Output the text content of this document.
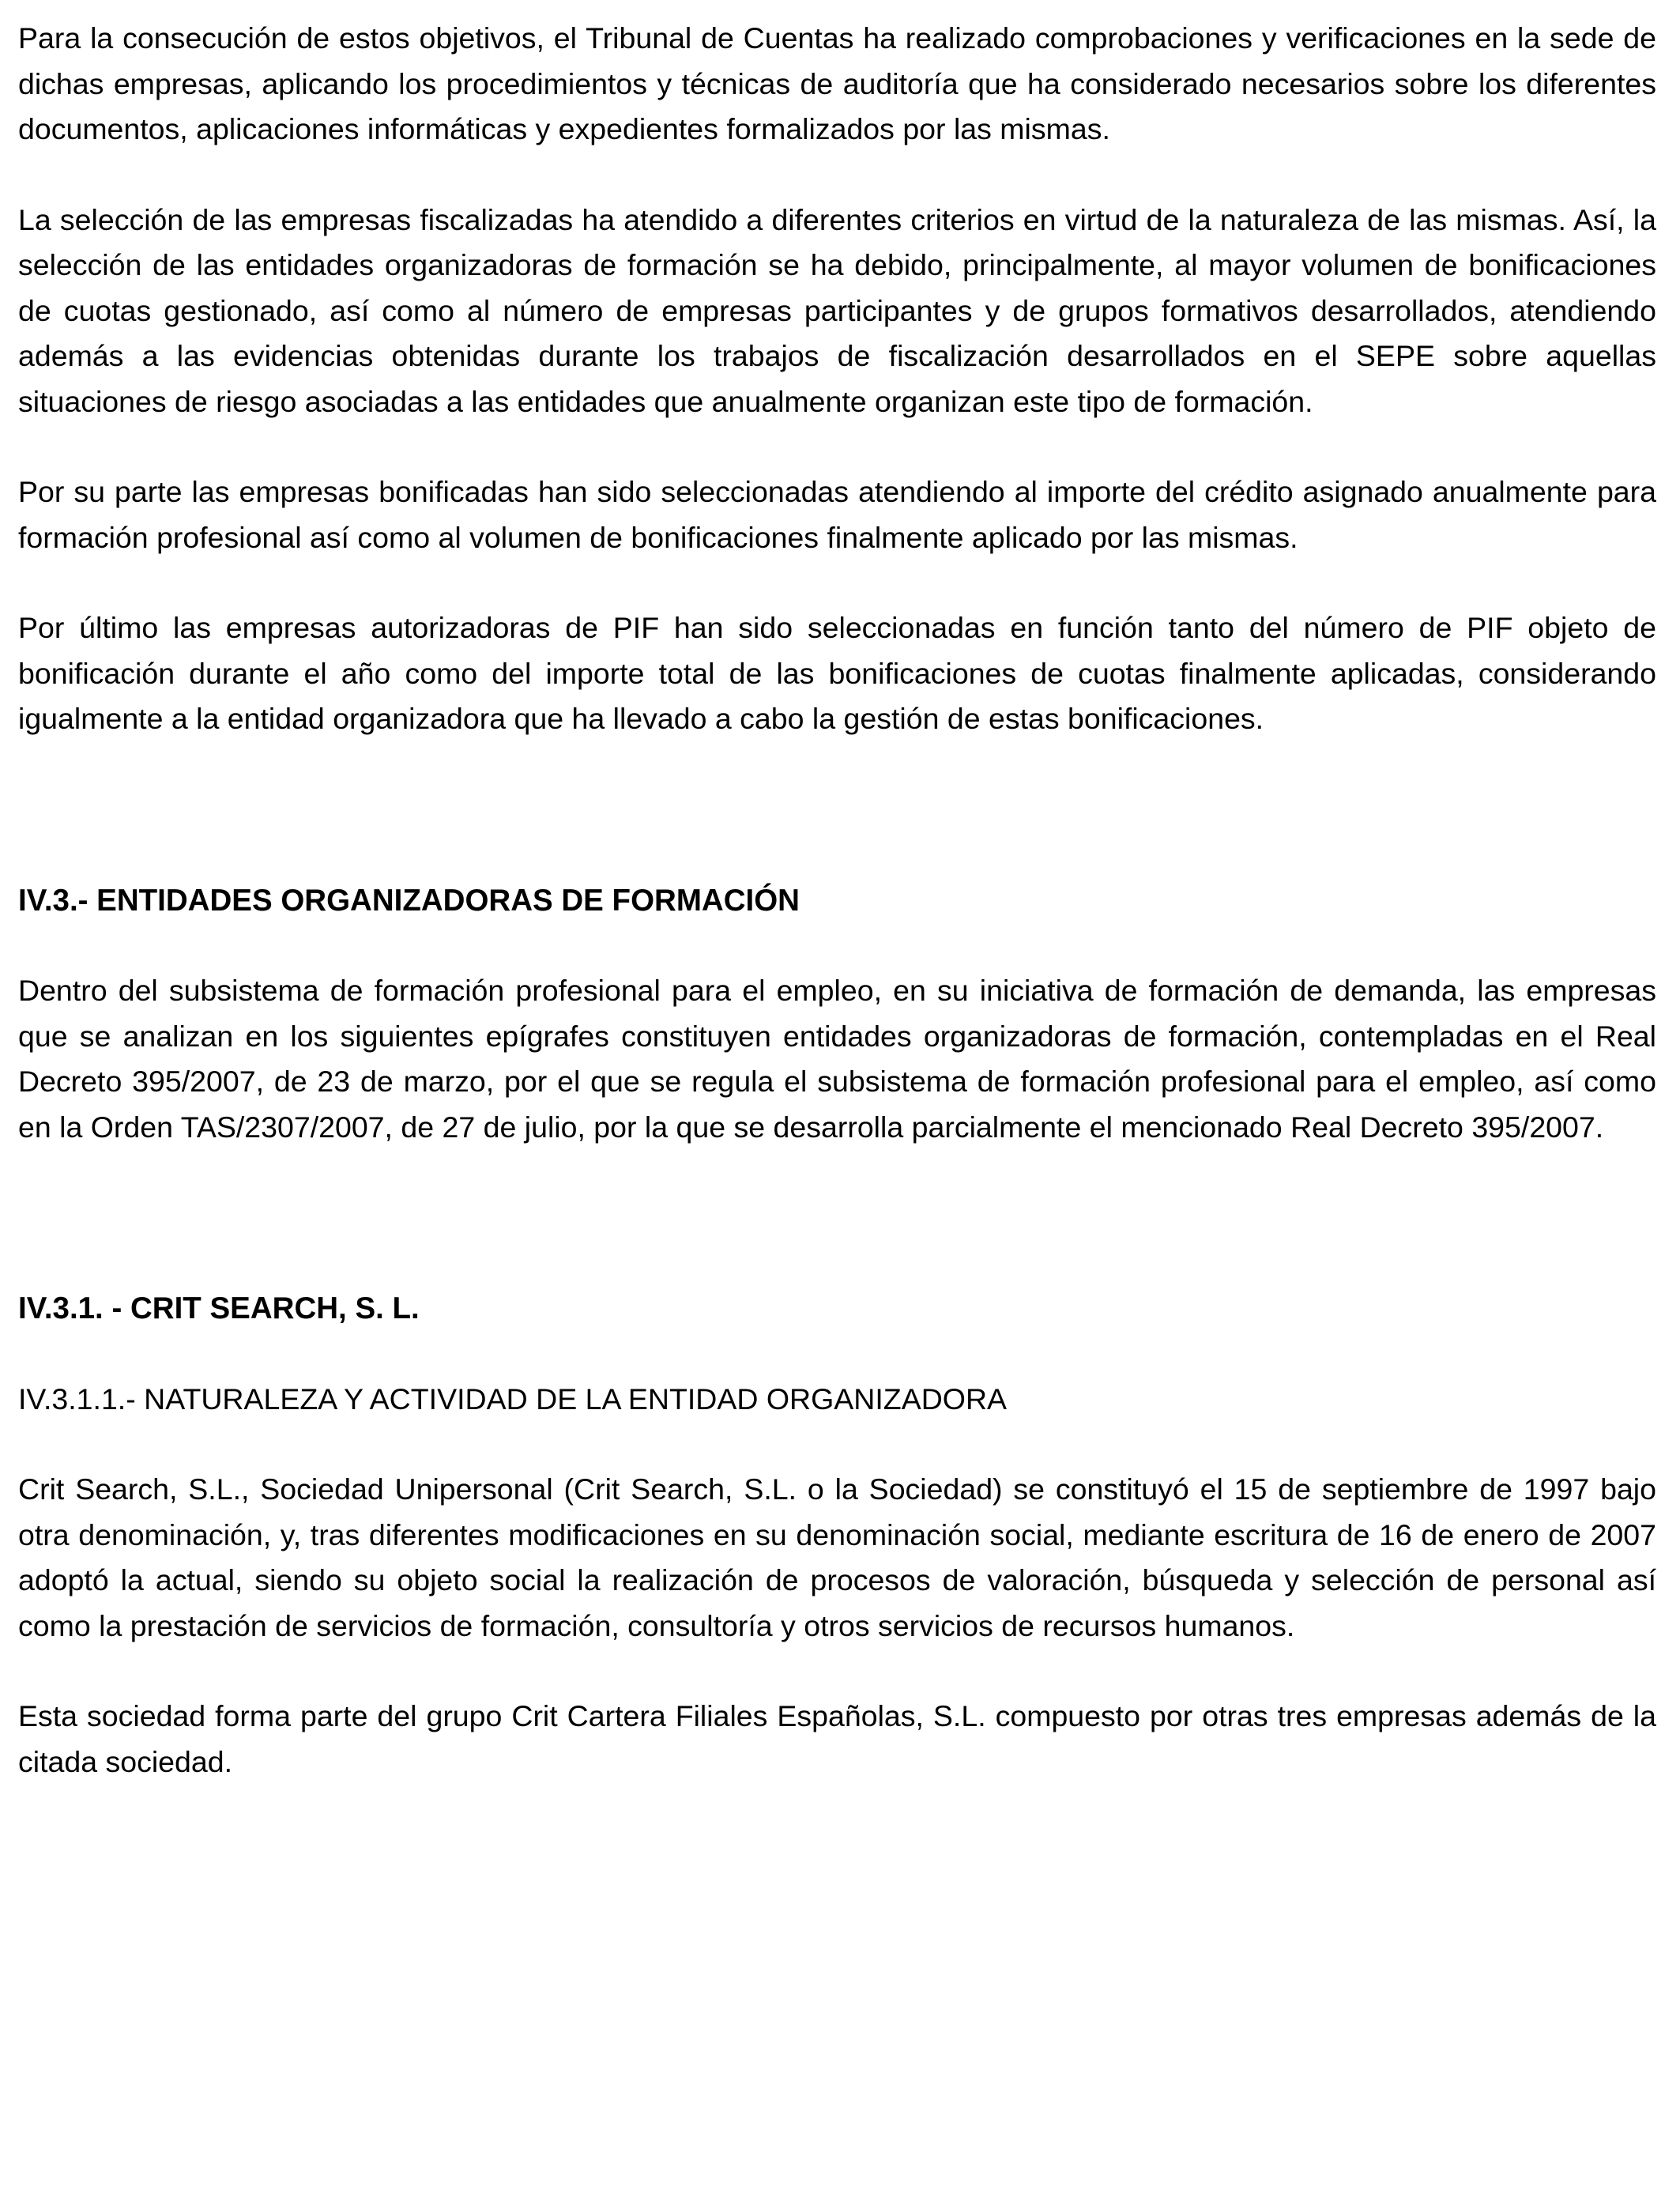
Para la consecución de estos objetivos, el Tribunal de Cuentas ha realizado comprobaciones y verificaciones en la sede de dichas empresas, aplicando los procedimientos y técnicas de auditoría que ha considerado necesarios sobre los diferentes documentos, aplicaciones informáticas y expedientes formalizados por las mismas.

La selección de las empresas fiscalizadas ha atendido a diferentes criterios en virtud de la naturaleza de las mismas. Así, la selección de las entidades organizadoras de formación se ha debido, principalmente, al mayor volumen de bonificaciones de cuotas gestionado, así como al número de empresas participantes y de grupos formativos desarrollados, atendiendo además a las evidencias obtenidas durante los trabajos de fiscalización desarrollados en el SEPE sobre aquellas situaciones de riesgo asociadas a las entidades que anualmente organizan este tipo de formación.

Por su parte las empresas bonificadas han sido seleccionadas atendiendo al importe del crédito asignado anualmente para formación profesional así como al volumen de bonificaciones finalmente aplicado por las mismas.

Por último las empresas autorizadoras de PIF han sido seleccionadas en función tanto del número de PIF objeto de bonificación durante el año como del importe total de las bonificaciones de cuotas finalmente aplicadas, considerando igualmente a la entidad organizadora que ha llevado a cabo la gestión de estas bonificaciones.

IV.3.- ENTIDADES ORGANIZADORAS DE FORMACIÓN

Dentro del subsistema de formación profesional para el empleo, en su iniciativa de formación de demanda, las empresas que se analizan en los siguientes epígrafes constituyen entidades organizadoras de formación, contempladas en el Real Decreto 395/2007, de 23 de marzo, por el que se regula el subsistema de formación profesional para el empleo, así como en la Orden TAS/2307/2007, de 27 de julio, por la que se desarrolla parcialmente el mencionado Real Decreto 395/2007.

IV.3.1. - CRIT SEARCH, S. L.
IV.3.1.1.- NATURALEZA Y ACTIVIDAD DE LA ENTIDAD ORGANIZADORA

Crit Search, S.L., Sociedad Unipersonal (Crit Search, S.L. o la Sociedad) se constituyó el 15 de septiembre de 1997 bajo otra denominación, y, tras diferentes modificaciones en su denominación social, mediante escritura de 16 de enero de 2007 adoptó la actual, siendo su objeto social la realización de procesos de valoración, búsqueda y selección de personal así como la prestación de servicios de formación, consultoría y otros servicios de recursos humanos.

Esta sociedad forma parte del grupo Crit Cartera Filiales Españolas, S.L. compuesto por otras tres empresas además de la citada sociedad.
